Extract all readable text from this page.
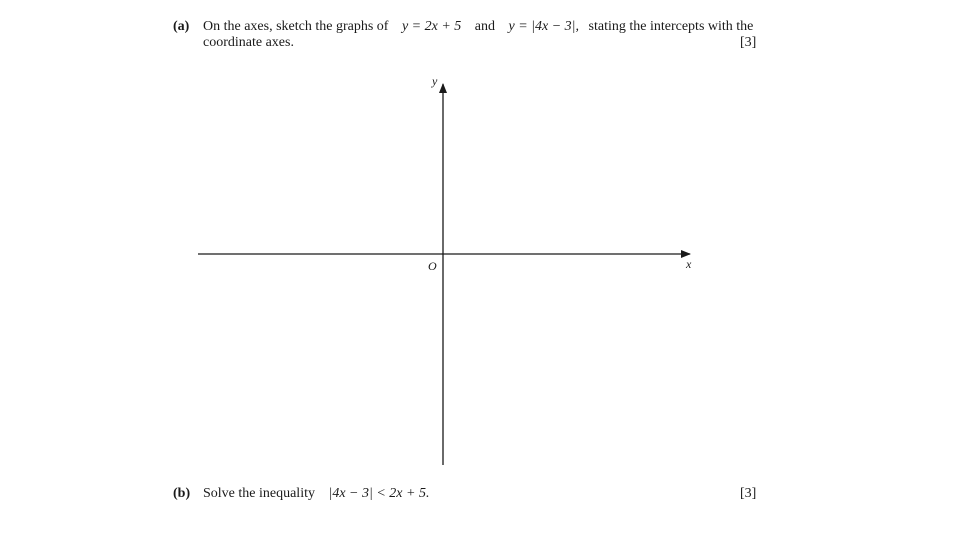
(a) On the axes, sketch the graphs of y = 2x + 5 and y = |4x − 3|, stating the intercepts with the
coordinate axes.	[3]
y
x
O
(b) Solve the inequality |4x − 3| < 2x + 5.	[3]
